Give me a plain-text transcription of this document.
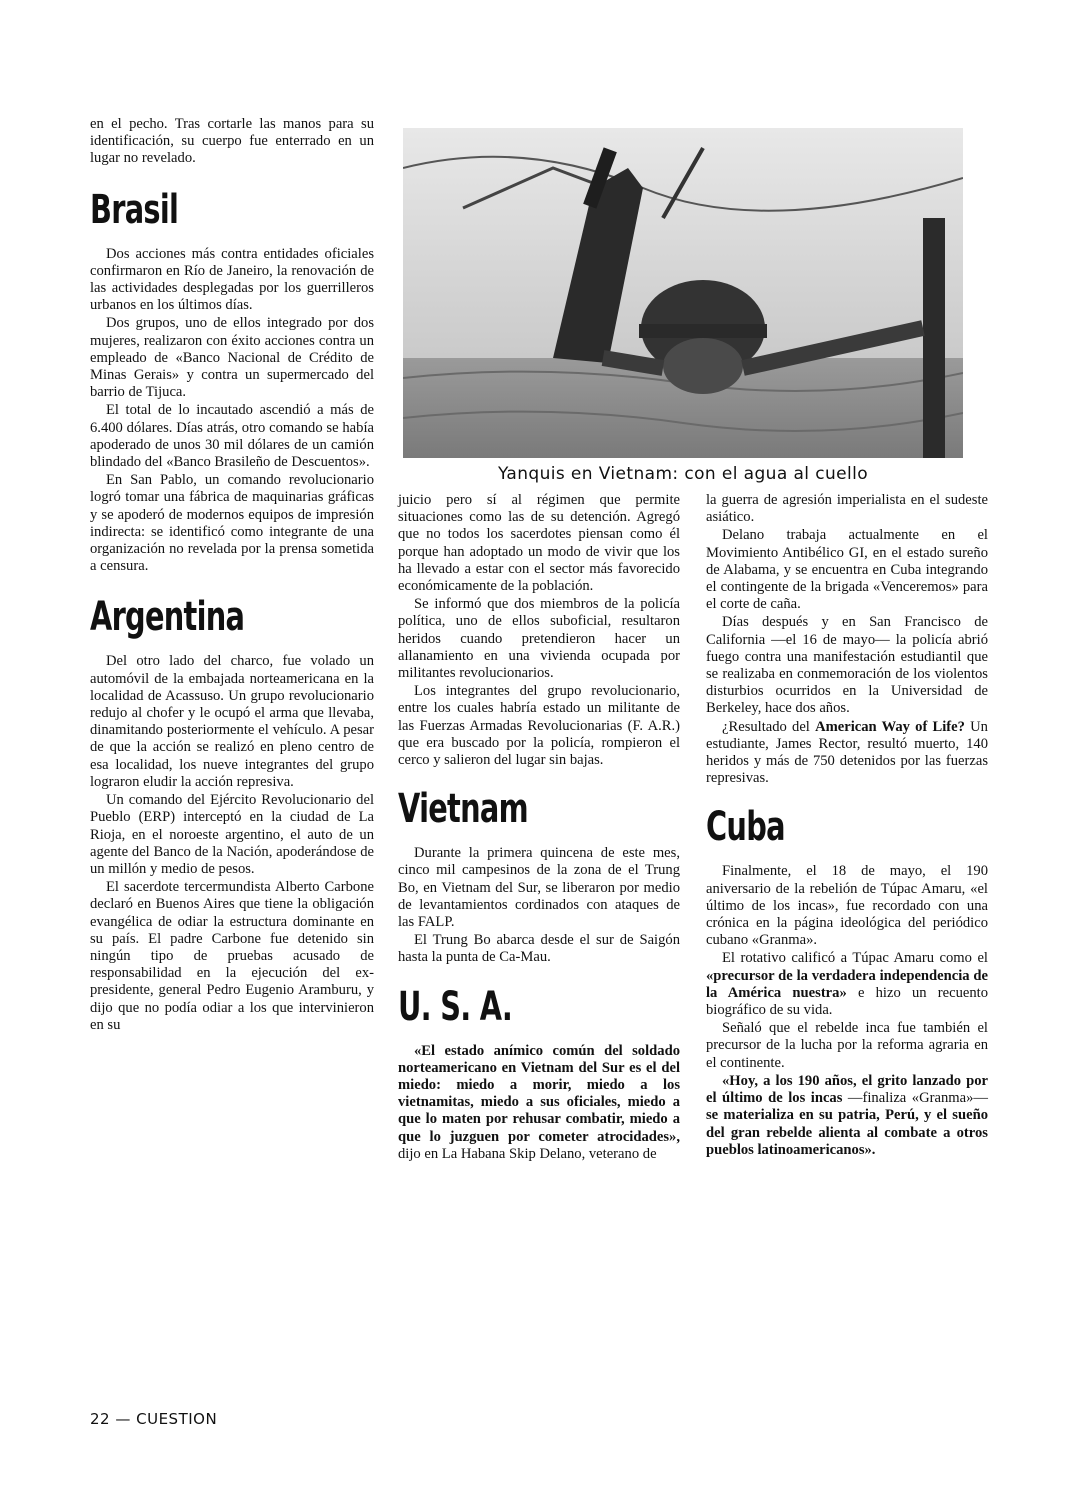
en el pecho. Tras cortarle las manos para su identificación, su cuerpo fue enterrado en un lugar no revelado.

Brasil

Dos acciones más contra entidades oficiales confirmaron en Río de Janeiro, la renovación de las actividades desplegadas por los guerrilleros urbanos en los últimos días.

Dos grupos, uno de ellos integrado por dos mujeres, realizaron con éxito acciones contra un empleado de «Banco Nacional de Crédito de Minas Gerais» y contra un supermercado del barrio de Tijuca.

El total de lo incautado ascendió a más de 6.400 dólares. Días atrás, otro comando se había apoderado de unos 30 mil dólares de un camión blindado del «Banco Brasileño de Descuentos».

En San Pablo, un comando revolucionario logró tomar una fábrica de maquinarias gráficas y se apoderó de modernos equipos de impresión indirecta: se identificó como integrante de una organización no revelada por la prensa sometida a censura.

Argentina

Del otro lado del charco, fue volado un automóvil de la embajada norteamericana en la localidad de Acassuso. Un grupo revolucionario redujo al chofer y le ocupó el arma que llevaba, dinamitando posteriormente el vehículo. A pesar de que la acción se realizó en pleno centro de esa localidad, los nueve integrantes del grupo lograron eludir la acción represiva.

Un comando del Ejército Revolucionario del Pueblo (ERP) interceptó en la ciudad de La Rioja, en el noroeste argentino, el auto de un agente del Banco de la Nación, apoderándose de un millón y medio de pesos.

El sacerdote tercermundista Alberto Carbone declaró en Buenos Aires que tiene la obligación evangélica de odiar la estructura dominante en su país. El padre Carbone fue detenido sin ningún tipo de pruebas acusado de responsabilidad en la ejecución del ex-presidente, general Pedro Eugenio Aramburu, y dijo que no podía odiar a los que intervinieron en su

Yanquis en Vietnam: con el agua al cuello

juicio pero sí al régimen que permite situaciones como las de su detención. Agregó que no todos los sacerdotes piensan como él porque han adoptado un modo de vivir que los ha llevado a estar con el sector más favorecido económicamente de la población.

Se informó que dos miembros de la policía política, uno de ellos suboficial, resultaron heridos cuando pretendieron hacer un allanamiento en una vivienda ocupada por militantes revolucionarios.

Los integrantes del grupo revolucionario, entre los cuales habría estado un militante de las Fuerzas Armadas Revolucionarias (F. A.R.) que era buscado por la policía, rompieron el cerco y salieron del lugar sin bajas.

Vietnam

Durante la primera quincena de este mes, cinco mil campesinos de la zona de el Trung Bo, en Vietnam del Sur, se liberaron por medio de levantamientos cordinados con ataques de las FALP.

El Trung Bo abarca desde el sur de Saigón hasta la punta de Ca-Mau.

U. S. A.

«El estado anímico común del soldado norteamericano en Vietnam del Sur es el del miedo: miedo a morir, miedo a los vietnamitas, miedo a sus oficiales, miedo a que lo maten por rehusar combatir, miedo a que lo juzguen por cometer atrocidades», dijo en La Habana Skip Delano, veterano de

la guerra de agresión imperialista en el sudeste asiático.

Delano trabaja actualmente en el Movimiento Antibélico GI, en el estado sureño de Alabama, y se encuentra en Cuba integrando el contingente de la brigada «Venceremos» para el corte de caña.

Días después y en San Francisco de California —el 16 de mayo— la policía abrió fuego contra una manifestación estudiantil que se realizaba en conmemoración de los violentos disturbios ocurridos en la Universidad de Berkeley, hace dos años.

¿Resultado del American Way of Life? Un estudiante, James Rector, resultó muerto, 140 heridos y más de 750 detenidos por las fuerzas represivas.

Cuba

Finalmente, el 18 de mayo, el 190 aniversario de la rebelión de Túpac Amaru, «el último de los incas», fue recordado con una crónica en la página ideológica del periódico cubano «Granma».

El rotativo calificó a Túpac Amaru como el «precursor de la verdadera independencia de la América nuestra» e hizo un recuento biográfico de su vida.

Señaló que el rebelde inca fue también el precursor de la lucha por la reforma agraria en el continente.

«Hoy, a los 190 años, el grito lanzado por el último de los incas —finaliza «Granma»— se materializa en su patria, Perú, y el sueño del gran rebelde alienta al combate a otros pueblos latinoamericanos».

22 — CUESTION
